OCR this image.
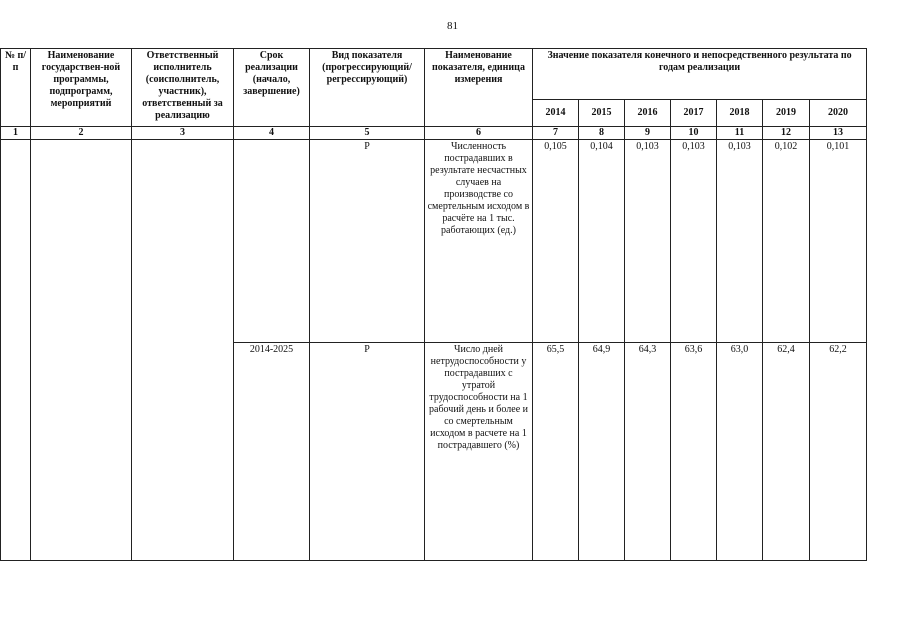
81
№ п/п	Наименование государствен-ной программы, подпрограмм, мероприятий	Ответственный исполнитель (соисполнитель, участник), ответственный за реализацию	Срок реализации (начало, завершение)	Вид показателя (прогрессирующий/ регрессирующий)	Наименование показателя, единица измерения	Значение показателя конечного и непосредственного результата по годам реализации						
						2014	2015	2016	2017	2018	2019	2020
1	2	3	4	5	6	7	8	9	10	11	12	13
				Р	Численность пострадавших в результате несчастных случаев на производстве со смертельным исходом в расчёте на 1 тыс. работающих (ед.)	0,105	0,104	0,103	0,103	0,103	0,102	0,101
			2014-2025	Р	Число дней нетрудоспособности у пострадавших с утратой трудоспособности на 1 рабочий день и более и со смертельным исходом в расчете на 1 пострадавшего (%)	65,5	64,9	64,3	63,6	63,0	62,4	62,2
